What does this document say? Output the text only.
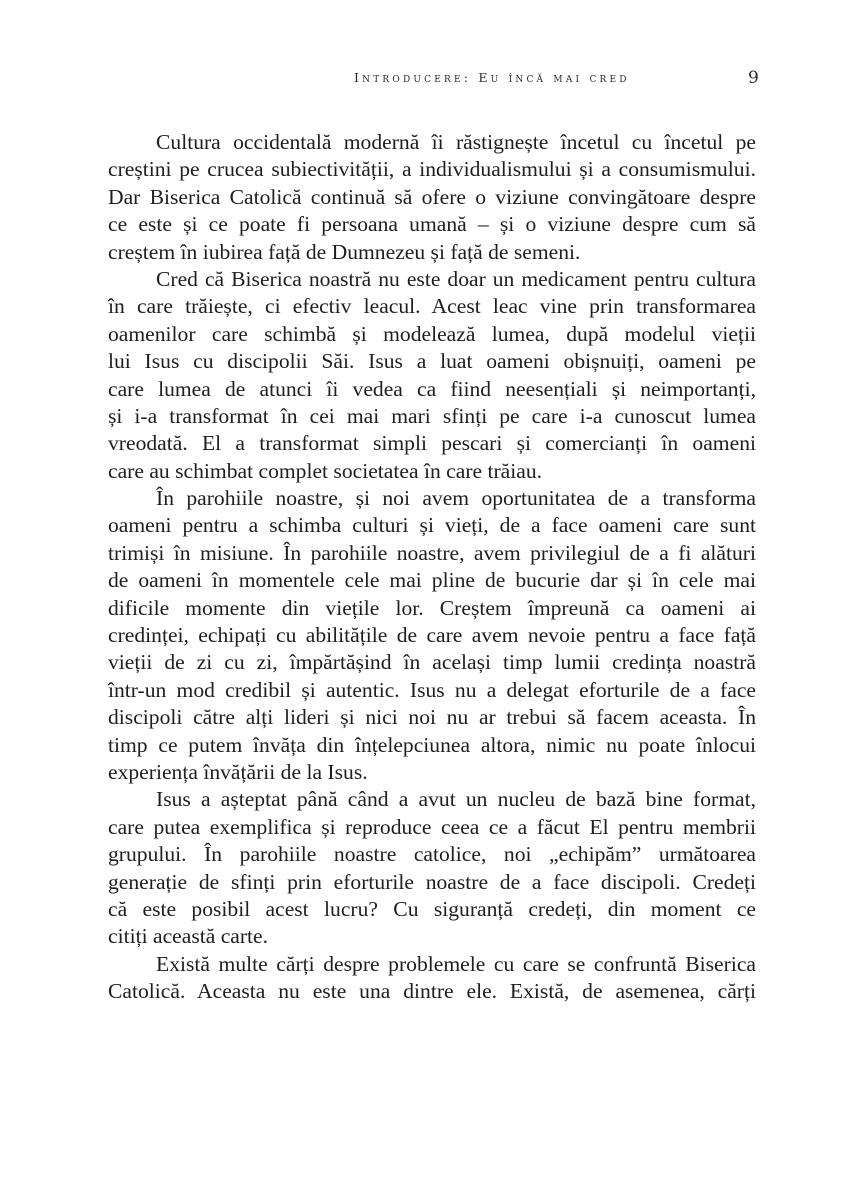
Introducere: Eu încă mai cred	9
Cultura occidentală modernă îi răstignește încetul cu încetul pe
creștini pe crucea subiectivității, a individualismului și a consumismului.
Dar Biserica Catolică continuă să ofere o viziune convingătoare despre
ce este și ce poate fi persoana umană – și o viziune despre cum să
creștem în iubirea față de Dumnezeu și față de semeni.
Cred că Biserica noastră nu este doar un medicament pentru cultura
în care trăiește, ci efectiv leacul. Acest leac vine prin transformarea
oamenilor care schimbă și modelează lumea, după modelul vieții
lui Isus cu discipolii Săi. Isus a luat oameni obișnuiți, oameni pe
care lumea de atunci îi vedea ca fiind neesențiali și neimportanți,
și i-a transformat în cei mai mari sfinți pe care i-a cunoscut lumea
vreodată. El a transformat simpli pescari și comercianți în oameni
care au schimbat complet societatea în care trăiau.
În parohiile noastre, și noi avem oportunitatea de a transforma
oameni pentru a schimba culturi și vieți, de a face oameni care sunt
trimiși în misiune. În parohiile noastre, avem privilegiul de a fi alături
de oameni în momentele cele mai pline de bucurie dar și în cele mai
dificile momente din viețile lor. Creștem împreună ca oameni ai
credinței, echipați cu abilitățile de care avem nevoie pentru a face față
vieții de zi cu zi, împărtășind în același timp lumii credința noastră
într-un mod credibil și autentic. Isus nu a delegat eforturile de a face
discipoli către alți lideri și nici noi nu ar trebui să facem aceasta. În
timp ce putem învăța din înțelepciunea altora, nimic nu poate înlocui
experiența învățării de la Isus.
Isus a așteptat până când a avut un nucleu de bază bine format,
care putea exemplifica și reproduce ceea ce a făcut El pentru membrii
grupului. În parohiile noastre catolice, noi „echipăm” următoarea
generație de sfinți prin eforturile noastre de a face discipoli. Credeți
că este posibil acest lucru? Cu siguranță credeți, din moment ce
citiți această carte.
Există multe cărți despre problemele cu care se confruntă Biserica
Catolică. Aceasta nu este una dintre ele. Există, de asemenea, cărți
